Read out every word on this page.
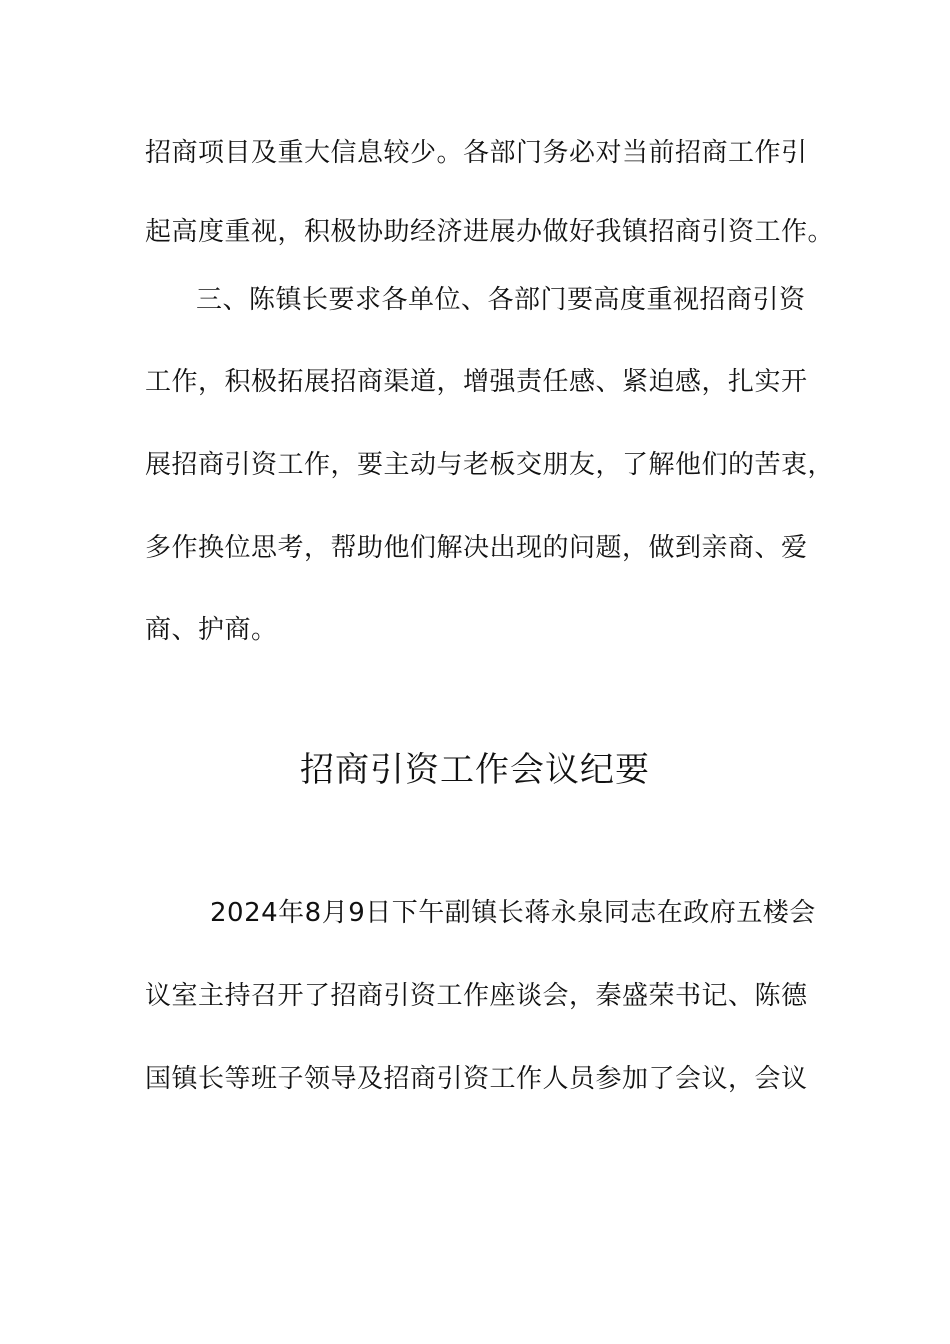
招商项目及重大信息较少。各部门务必对当前招商工作引
起高度重视，积极协助经济进展办做好我镇招商引资工作。
三、陈镇长要求各单位、各部门要高度重视招商引资
工作，积极拓展招商渠道，增强责任感、紧迫感，扎实开
展招商引资工作，要主动与老板交朋友，了解他们的苦衷，
多作换位思考，帮助他们解决出现的问题，做到亲商、爱
商、护商。
招商引资工作会议纪要
2024年8月9日下午副镇长蒋永泉同志在政府五楼会
议室主持召开了招商引资工作座谈会，秦盛荣书记、陈德
国镇长等班子领导及招商引资工作人员参加了会议，会议
